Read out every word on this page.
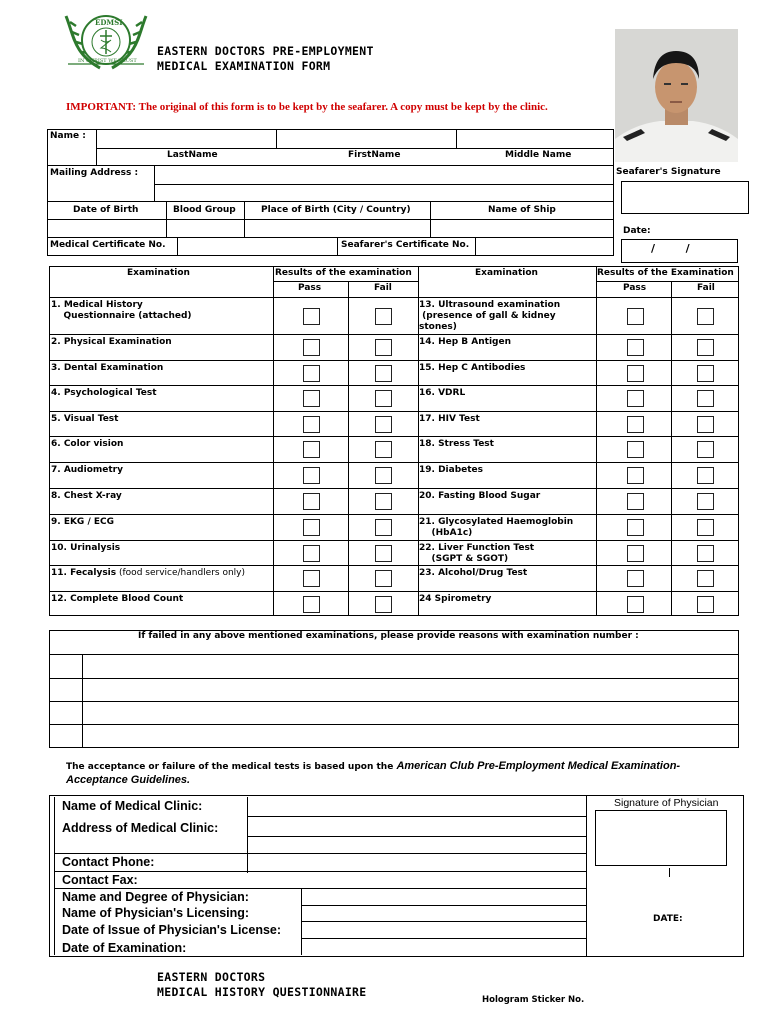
EDMSI
IN CHRIST WE TRUST
EASTERN DOCTORS PRE-EMPLOYMENT
MEDICAL EXAMINATION FORM
IMPORTANT: The original of this form is to be kept by the seafarer. A copy must be kept by the clinic.
Name :
LastName	FirstName	Middle Name
Mailing Address :
Date of Birth	Blood Group	Place of Birth (City / Country)	Name of Ship
Medical Certificate No.	Seafarer's Certificate No.
Seafarer's Signature
Date:
/        /
Examination	Results of the examination	Examination	Results of the Examination
Pass	Fail	Pass	Fail
1. Medical History	13. Ultrasound examination
Questionnaire (attached)	(presence of gall & kidney
stones)
2. Physical Examination	14. Hep B Antigen
3. Dental Examination	15. Hep C Antibodies
4. Psychological Test	16. VDRL
5. Visual Test	17. HIV Test
6. Color vision	18. Stress Test
7. Audiometry	19. Diabetes
8. Chest X-ray	20. Fasting Blood Sugar
9. EKG / ECG	21. Glycosylated Haemoglobin
(HbA1c)
10. Urinalysis	22. Liver Function Test
(SGPT & SGOT)
11. Fecalysis	23. Alcohol/Drug Test
(food service/handlers only)
12. Complete Blood Count	24 Spirometry
If failed in any above mentioned examinations, please provide reasons with examination number :
The acceptance or failure of the medical tests is based upon the American Club Pre-Employment Medical Examination-
Acceptance Guidelines.
Name of Medical Clinic:
Address of Medical Clinic:
Contact Phone:
Contact Fax:
Name and Degree of Physician:
Name of Physician's Licensing:
Date of Issue of Physician's License:
Date of Examination:
Signature of Physician
DATE:
EASTERN DOCTORS
MEDICAL HISTORY QUESTIONNAIRE
Hologram Sticker No.
